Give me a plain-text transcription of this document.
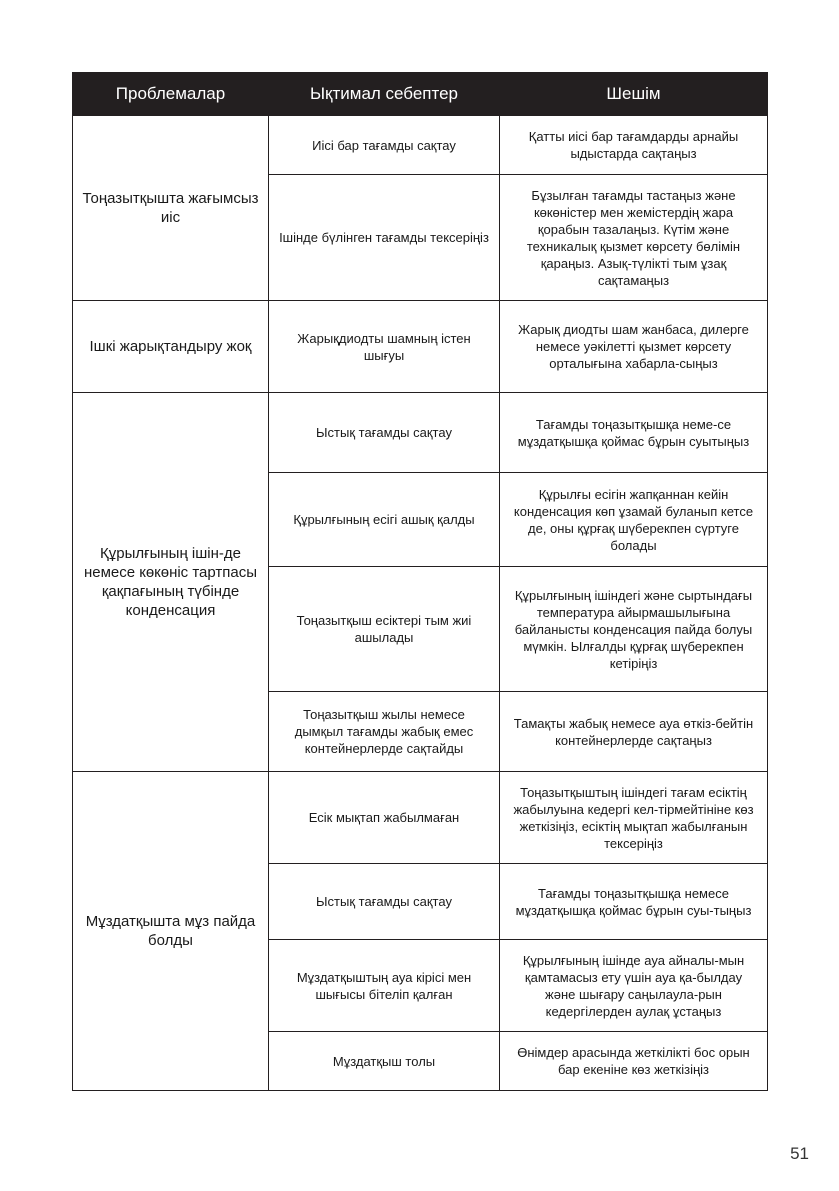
Проблемалар	Ықтимал себептер	Шешім
Тоңазытқышта жағымсыз иіс	Иісі бар тағамды сақтау	Қатты иісі бар тағамдарды арнайы ыдыстарда сақтаңыз
	Ішінде бүлінген тағамды тексеріңіз	Бұзылған тағамды тастаңыз және көкөністер мен жемістердің жара қорабын тазалаңыз. Күтім және техникалық қызмет көрсету бөлімін қараңыз. Азық-түлікті тым ұзақ сақтамаңыз
Ішкі жарықтандыру жоқ	Жарықдиодты шамның істен шығуы	Жарық диодты шам жанбаса, дилерге немесе уәкілетті қызмет көрсету орталығына хабарла-сыңыз
Құрылғының ішін-де немесе көкөніс тартпасы қақпағының түбінде конденсация	Ыстық тағамды сақтау	Тағамды тоңазытқышқа неме-се мұздатқышқа қоймас бұрын суытыңыз
	Құрылғының есігі ашық қалды	Құрылғы есігін жапқаннан кейін конденсация көп ұзамай буланып кетсе де, оны құрғақ шүберекпен сүртуге болады
	Тоңазытқыш есіктері тым жиі ашылады	Құрылғының ішіндегі және сыртындағы температура айырмашылығына байланысты конденсация пайда болуы мүмкін. Ылғалды құрғақ шүберекпен кетіріңіз
	Тоңазытқыш жылы немесе дымқыл тағамды жабық емес контейнерлерде сақтайды	Тамақты жабық немесе ауа өткіз-бейтін контейнерлерде сақтаңыз
Мұздатқышта мұз пайда болды	Есік мықтап жабылмаған	Тоңазытқыштың ішіндегі тағам есіктің жабылуына кедергі кел-тірмейтініне көз жеткізіңіз, есіктің мықтап жабылғанын тексеріңіз
	Ыстық тағамды сақтау	Тағамды тоңазытқышқа немесе мұздатқышқа қоймас бұрын суы-тыңыз
	Мұздатқыштың ауа кірісі мен шығысы бітеліп қалған	Құрылғының ішінде ауа айналы-мын қамтамасыз ету үшін ауа қа-былдау және шығару саңылаула-рын кедергілерден аулақ ұстаңыз
	Мұздатқыш толы	Өнімдер арасында жеткілікті бос орын бар екеніне көз жеткізіңіз
51
